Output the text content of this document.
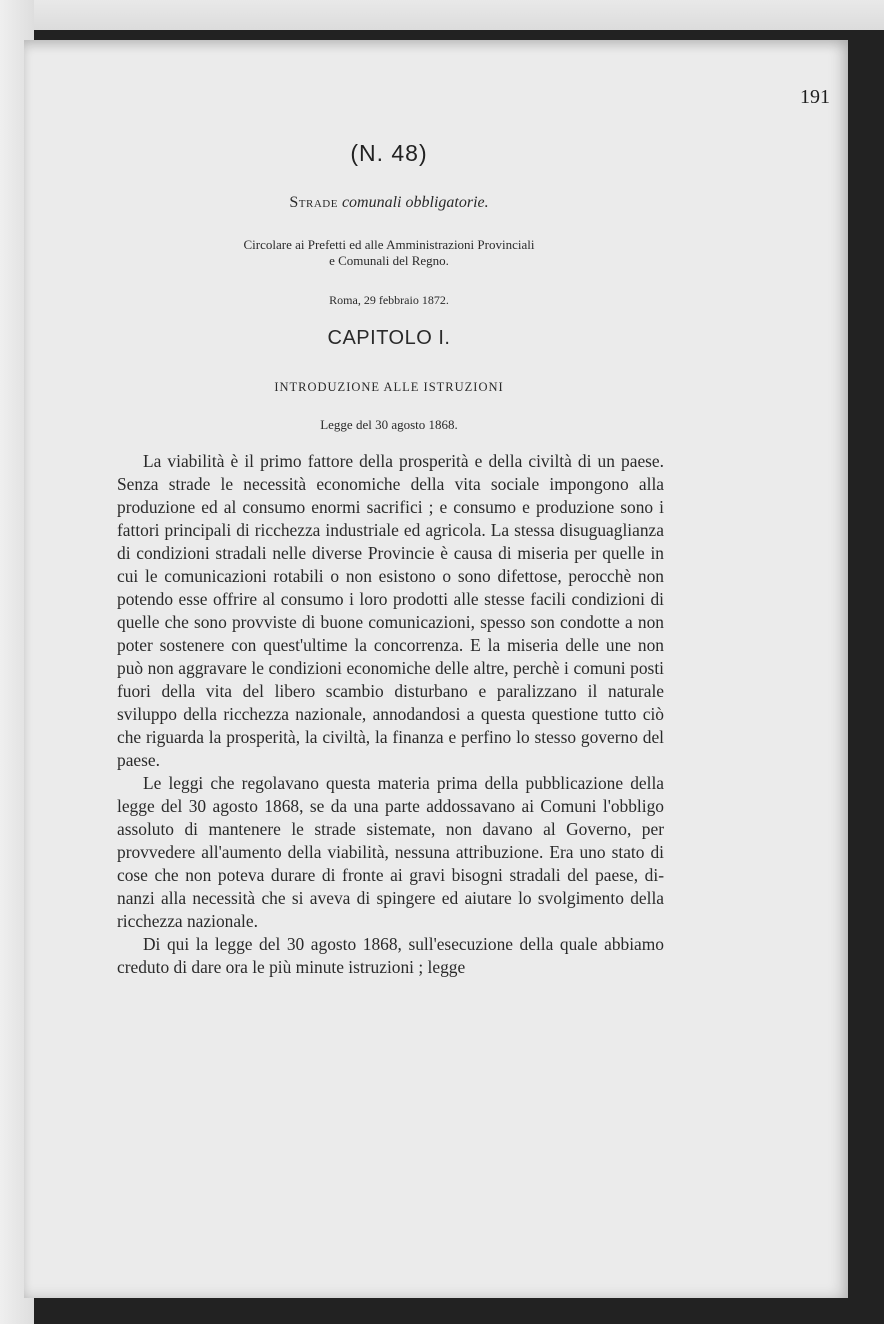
191
(N. 48)
Strade comunali obbligatorie.
Circolare ai Prefetti ed alle Amministrazioni Provinciali
e Comunali del Regno.
Roma, 29 febbraio 1872.
CAPITOLO I.
INTRODUZIONE ALLE ISTRUZIONI
Legge del 30 agosto 1868.

La viabilità è il primo fattore della prosperità e della civiltà di un paese. Senza strade le necessità economiche della vita sociale impongono alla produzione ed al consumo enormi sacrifici ; e consumo e produzione sono i fattori principali di ricchezza industriale ed agricola. La stessa disuguaglianza di condizioni stradali nelle diverse Provincie è causa di miseria per quelle in cui le comunicazioni rotabili o non esistono o sono difettose, perocchè non potendo esse offrire al consumo i loro prodotti alle stesse facili condizioni di quelle che sono provviste di buone comunicazioni, spesso son condotte a non poter sostenere con quest'ultime la concorrenza. E la miseria delle une non può non aggravare le condizioni economiche delle altre, perchè i comuni posti fuori della vita del libero scambio disturbano e paralizzano il naturale sviluppo della ricchezza nazionale, annodandosi a questa questione tutto ciò che riguarda la prosperità, la civiltà, la finanza e perfino lo stesso governo del paese.

Le leggi che regolavano questa materia prima della pubblicazione della legge del 30 agosto 1868, se da una parte addossavano ai Comuni l'obbligo assoluto di mantenere le strade sistemate, non davano al Governo, per provvedere all'aumento della viabilità, nessuna attribuzione. Era uno stato di cose che non poteva durare di fronte ai gravi bisogni stradali del paese, dinanzi alla necessità che si aveva di spingere ed aiutare lo svolgimento della ricchezza nazionale.

Di qui la legge del 30 agosto 1868, sull'esecuzione della quale abbiamo creduto di dare ora le più minute istruzioni ; legge
